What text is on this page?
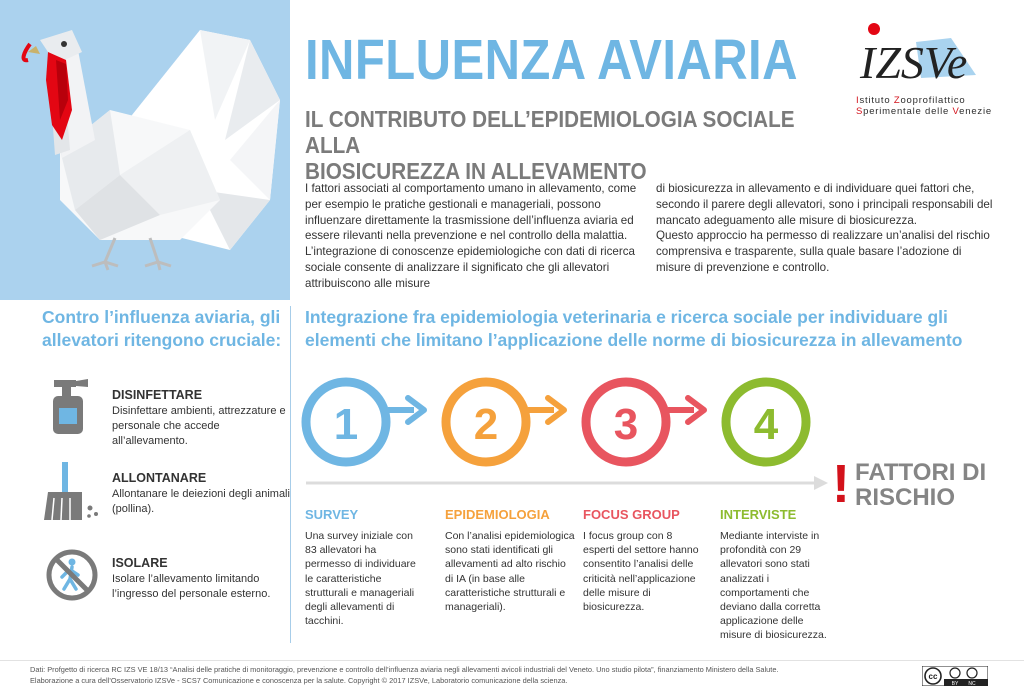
INFLUENZA AVIARIA
IL CONTRIBUTO DELL’EPIDEMIOLOGIA SOCIALE ALLA
BIOSICUREZZA IN ALLEVAMENTO
IZSVe
Istituto Zooprofilattico
Sperimentale delle Venezie
I fattori associati al comportamento umano in allevamento, come per esempio le pratiche gestionali e manageriali, possono influenzare direttamente la trasmissione dell’influenza aviaria ed essere rilevanti nella prevenzione e nel controllo della malattia. L’integrazione di conoscenze epidemiologiche con dati di ricerca sociale consente di analizzare il significato che gli allevatori attribuiscono alle misure
di biosicurezza in allevamento e di individuare quei fattori che, secondo il parere degli allevatori, sono i principali responsabili del mancato adeguamento alle misure di biosicurezza.
Questo approccio ha permesso di realizzare un’analisi del rischio comprensiva e trasparente, sulla quale basare l’adozione di misure di prevenzione e controllo.
Contro l’influenza aviaria, gli allevatori ritengono cruciale:
DISINFETTARE
Disinfettare ambienti, attrezzature e personale che accede all’allevamento.
ALLONTANARE
Allontanare le deiezioni degli animali (pollina).
ISOLARE
Isolare l’allevamento limitando l’ingresso del personale esterno.
Integrazione fra epidemiologia veterinaria e ricerca sociale per individuare gli elementi che limitano l’applicazione delle norme di biosicurezza in allevamento
1	2	3	4
! FATTORI DI
RISCHIO
SURVEY
Una survey iniziale con 83 allevatori ha permesso di individuare le caratteristiche strutturali e manageriali degli allevamenti di tacchini.
EPIDEMIOLOGIA
Con l’analisi epidemiologica sono stati identificati gli allevamenti ad alto rischio di IA (in base alle caratteristiche strutturali e manageriali).
FOCUS GROUP
I focus group con 8 esperti del settore hanno consentito l’analisi delle criticità nell’applicazione delle misure di biosicurezza.
INTERVISTE
Mediante interviste in profondità con 29 allevatori sono stati analizzati i comportamenti che deviano dalla corretta applicazione delle misure di biosicurezza.
Dati: Profgetto di ricerca RC IZS VE 18/13 “Analisi delle pratiche di monitoraggio, prevenzione e controllo dell’influenza aviaria negli allevamenti avicoli industriali del Veneto. Uno studio pilota”, finanziamento Ministero della Salute.
Elaborazione a cura dell’Osservatorio IZSVe - SCS7 Comunicazione e conoscenza per la salute. Copyright © 2017 IZSVe, Laboratorio comunicazione della scienza.	cc
BY NC
